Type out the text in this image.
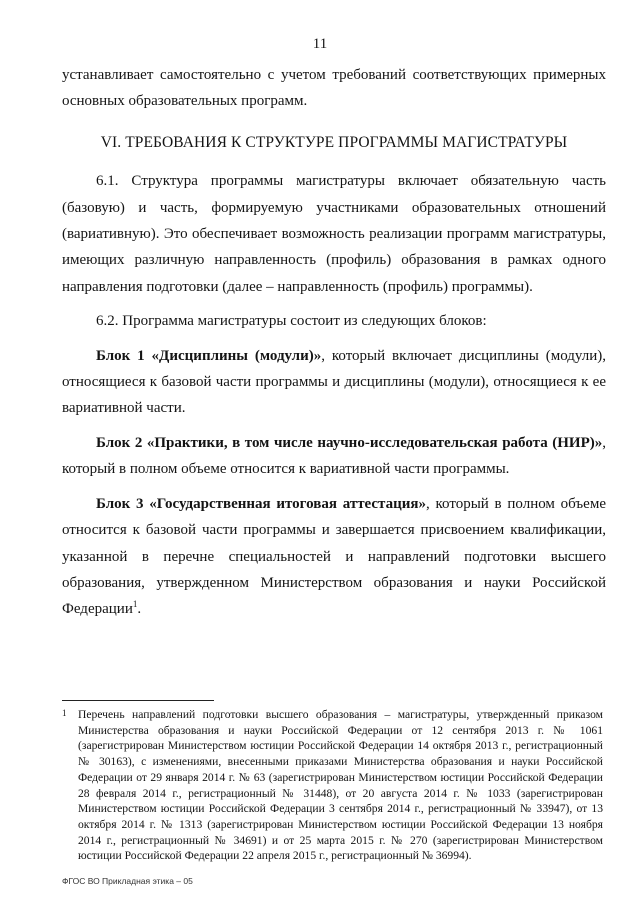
11

устанавливает самостоятельно с учетом требований соответствующих примерных основных образовательных программ.

VI. ТРЕБОВАНИЯ К СТРУКТУРЕ ПРОГРАММЫ МАГИСТРАТУРЫ

6.1. Структура программы магистратуры включает обязательную часть (базовую) и часть, формируемую участниками образовательных отношений (вариативную). Это обеспечивает возможность реализации программ магистратуры, имеющих различную направленность (профиль) образования в рамках одного направления подготовки (далее – направленность (профиль) программы).

6.2. Программа магистратуры состоит из следующих блоков:

Блок 1 «Дисциплины (модули)», который включает дисциплины (модули), относящиеся к базовой части программы и дисциплины (модули), относящиеся к ее вариативной части.

Блок 2 «Практики, в том числе научно-исследовательская работа (НИР)», который в полном объеме относится к вариативной части программы.

Блок 3 «Государственная итоговая аттестация», который в полном объеме относится к базовой части программы и завершается присвоением квалификации, указанной в перечне специальностей и направлений подготовки высшего образования, утвержденном Министерством образования и науки Российской Федерации$^1$.

1 Перечень направлений подготовки высшего образования – магистратуры, утвержденный приказом Министерства образования и науки Российской Федерации от 12 сентября 2013 г. № 1061 (зарегистрирован Министерством юстиции Российской Федерации 14 октября 2013 г., регистрационный № 30163), с изменениями, внесенными приказами Министерства образования и науки Российской Федерации от 29 января 2014 г. № 63 (зарегистрирован Министерством юстиции Российской Федерации 28 февраля 2014 г., регистрационный № 31448), от 20 августа 2014 г. № 1033 (зарегистрирован Министерством юстиции Российской Федерации 3 сентября 2014 г., регистрационный № 33947), от 13 октября 2014 г. № 1313 (зарегистрирован Министерством юстиции Российской Федерации 13 ноября 2014 г., регистрационный № 34691) и от 25 марта 2015 г. № 270 (зарегистрирован Министерством юстиции Российской Федерации 22 апреля 2015 г., регистрационный № 36994).
ФГОС ВО Прикладная этика – 05
